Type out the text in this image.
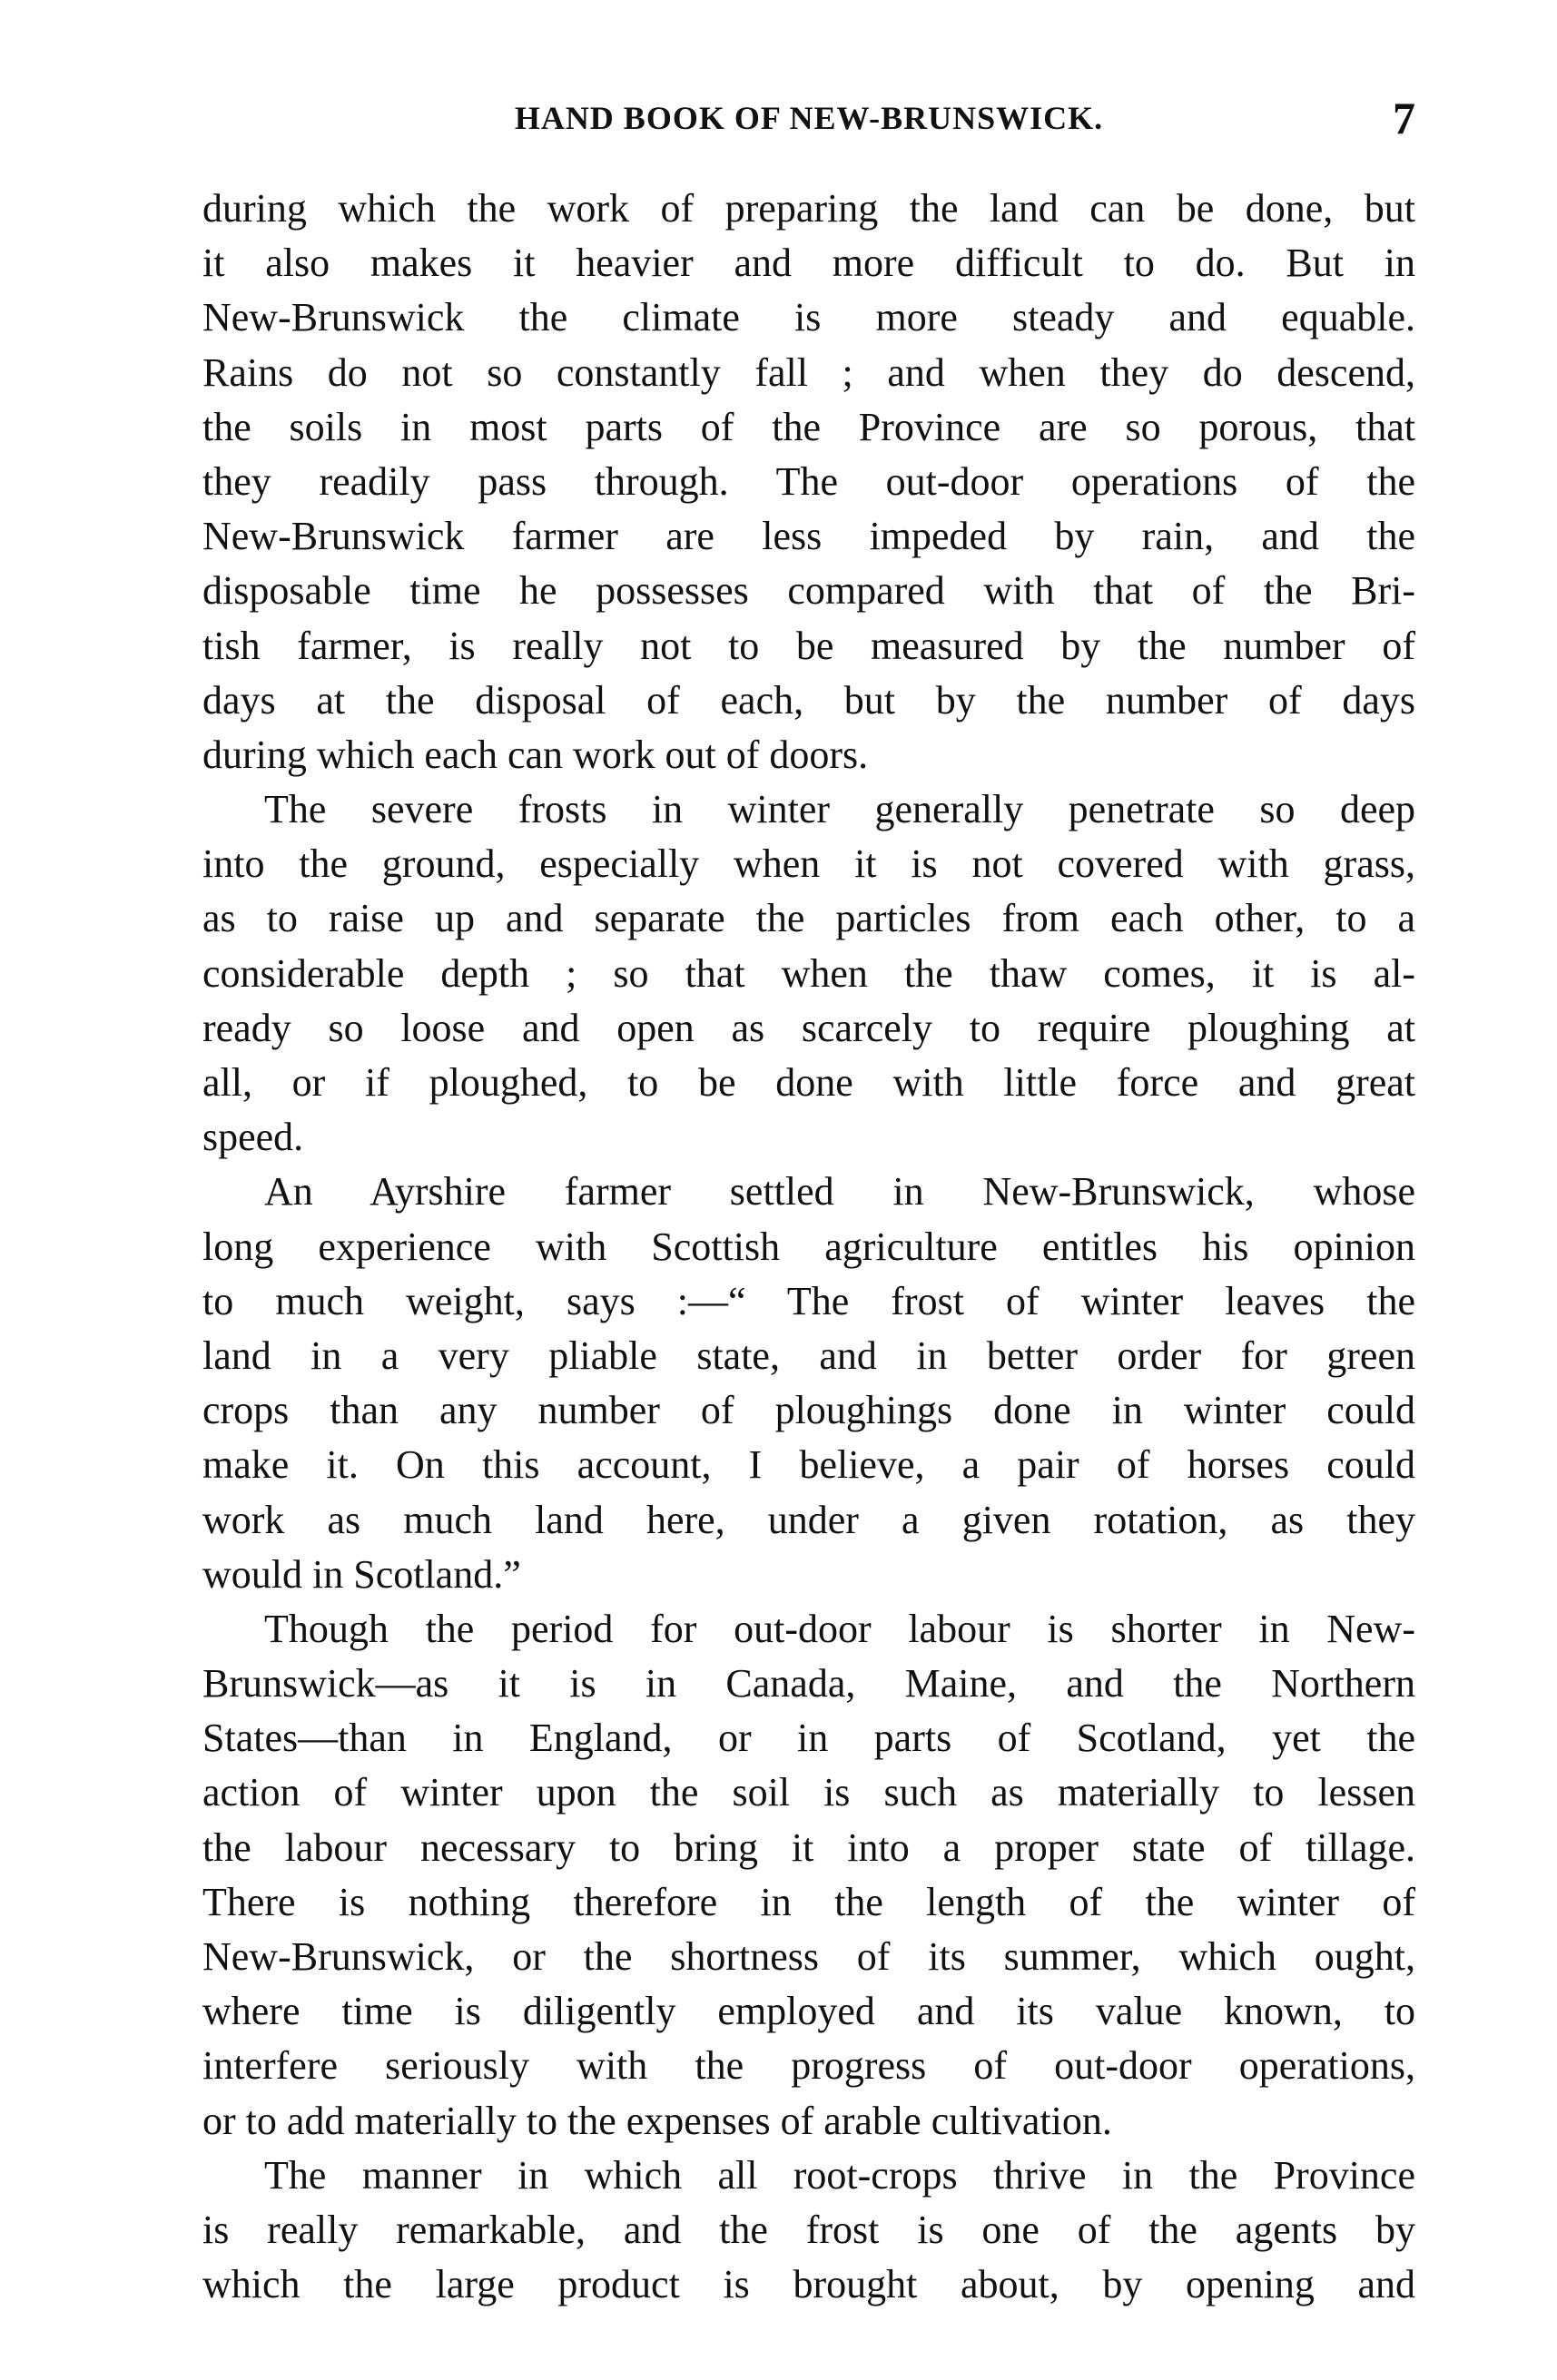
HAND BOOK OF NEW-BRUNSWICK.	7
during which the work of preparing the land can be done, but
it also makes it heavier and more difficult to do. But in
New-Brunswick the climate is more steady and equable.
Rains do not so constantly fall ; and when they do descend,
the soils in most parts of the Province are so porous, that
they readily pass through. The out-door operations of the
New-Brunswick farmer are less impeded by rain, and the
disposable time he possesses compared with that of the Bri-
tish farmer, is really not to be measured by the number of
days at the disposal of each, but by the number of days
during which each can work out of doors.
The severe frosts in winter generally penetrate so deep
into the ground, especially when it is not covered with grass,
as to raise up and separate the particles from each other, to a
considerable depth ; so that when the thaw comes, it is al-
ready so loose and open as scarcely to require ploughing at
all, or if ploughed, to be done with little force and great
speed.
An Ayrshire farmer settled in New-Brunswick, whose
long experience with Scottish agriculture entitles his opinion
to much weight, says :—“ The frost of winter leaves the
land in a very pliable state, and in better order for green
crops than any number of ploughings done in winter could
make it. On this account, I believe, a pair of horses could
work as much land here, under a given rotation, as they
would in Scotland.”
Though the period for out-door labour is shorter in New-
Brunswick—as it is in Canada, Maine, and the Northern
States—than in England, or in parts of Scotland, yet the
action of winter upon the soil is such as materially to lessen
the labour necessary to bring it into a proper state of tillage.
There is nothing therefore in the length of the winter of
New-Brunswick, or the shortness of its summer, which ought,
where time is diligently employed and its value known, to
interfere seriously with the progress of out-door operations,
or to add materially to the expenses of arable cultivation.
The manner in which all root-crops thrive in the Province
is really remarkable, and the frost is one of the agents by
which the large product is brought about, by opening and
